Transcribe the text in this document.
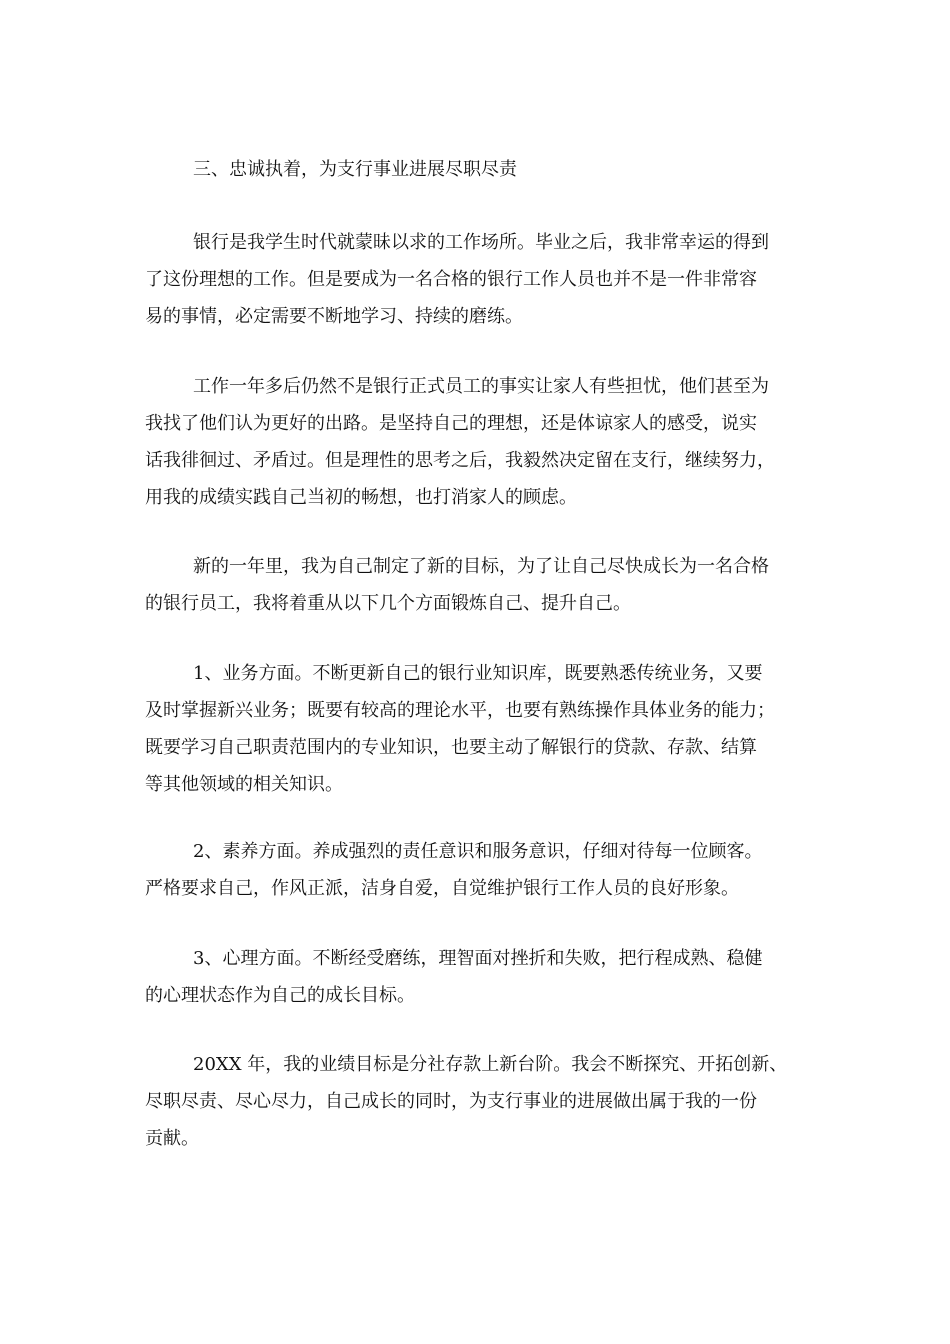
三、忠诚执着，为支行事业进展尽职尽责
银行是我学生时代就蒙昧以求的工作场所。毕业之后，我非常幸运的得到
了这份理想的工作。但是要成为一名合格的银行工作人员也并不是一件非常容
易的事情，必定需要不断地学习、持续的磨练。
工作一年多后仍然不是银行正式员工的事实让家人有些担忧，他们甚至为
我找了他们认为更好的出路。是坚持自己的理想，还是体谅家人的感受，说实
话我徘徊过、矛盾过。但是理性的思考之后，我毅然决定留在支行，继续努力，
用我的成绩实践自己当初的畅想，也打消家人的顾虑。
新的一年里，我为自己制定了新的目标，为了让自己尽快成长为一名合格
的银行员工，我将着重从以下几个方面锻炼自己、提升自己。
1、业务方面。不断更新自己的银行业知识库，既要熟悉传统业务，又要
及时掌握新兴业务；既要有较高的理论水平，也要有熟练操作具体业务的能力；
既要学习自己职责范围内的专业知识，也要主动了解银行的贷款、存款、结算
等其他领域的相关知识。
2、素养方面。养成强烈的责任意识和服务意识，仔细对待每一位顾客。
严格要求自己，作风正派，洁身自爱，自觉维护银行工作人员的良好形象。
3、心理方面。不断经受磨练，理智面对挫折和失败，把行程成熟、稳健
的心理状态作为自己的成长目标。
20XX 年，我的业绩目标是分社存款上新台阶。我会不断探究、开拓创新、
尽职尽责、尽心尽力，自己成长的同时，为支行事业的进展做出属于我的一份
贡献。
